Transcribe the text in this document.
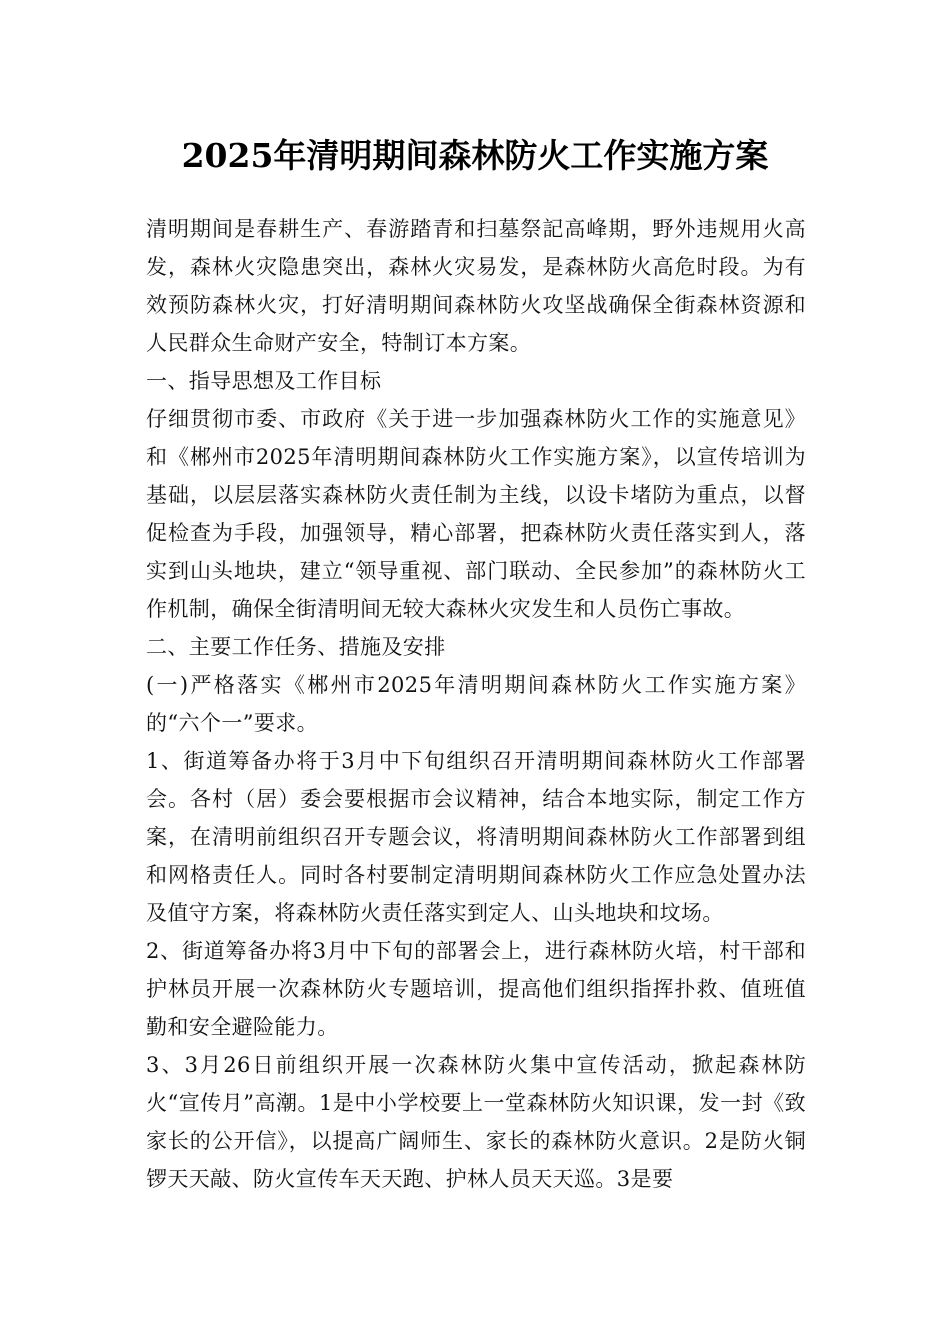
2025年清明期间森林防火工作实施方案

清明期间是春耕生产、春游踏青和扫墓祭記高峰期，野外违规用火高发，森林火灾隐患突出，森林火灾易发，是森林防火高危时段。为有效预防森林火灾，打好清明期间森林防火攻坚战确保全街森林资源和人民群众生命财产安全，特制订本方案。

一、指导思想及工作目标

仔细贯彻市委、市政府《关于进一步加强森林防火工作的实施意见》和《郴州市2025年清明期间森林防火工作实施方案》，以宣传培训为基础，以层层落实森林防火责任制为主线，以设卡堵防为重点，以督促检查为手段，加强领导，精心部署，把森林防火责任落实到人，落实到山头地块，建立“领导重视、部门联动、全民参加”的森林防火工作机制，确保全街清明间无较大森林火灾发生和人员伤亡事故。

二、主要工作任务、措施及安排

(一)严格落实《郴州市2025年清明期间森林防火工作实施方案》的“六个一”要求。

1、街道筹备办将于3月中下旬组织召开清明期间森林防火工作部署会。各村（居）委会要根据市会议精神，结合本地实际，制定工作方案，在清明前组织召开专题会议，将清明期间森林防火工作部署到组和网格责任人。同时各村要制定清明期间森林防火工作应急处置办法及值守方案，将森林防火责任落实到定人、山头地块和坟场。

2、街道筹备办将3月中下旬的部署会上，进行森林防火培，村干部和护林员开展一次森林防火专题培训，提高他们组织指挥扑救、值班值勤和安全避险能力。

3、3月26日前组织开展一次森林防火集中宣传活动，掀起森林防火“宣传月”高潮。1是中小学校要上一堂森林防火知识课，发一封《致家长的公开信》，以提高广阔师生、家长的森林防火意识。2是防火铜锣天天敲、防火宣传车天天跑、护林人员天天巡。3是要
